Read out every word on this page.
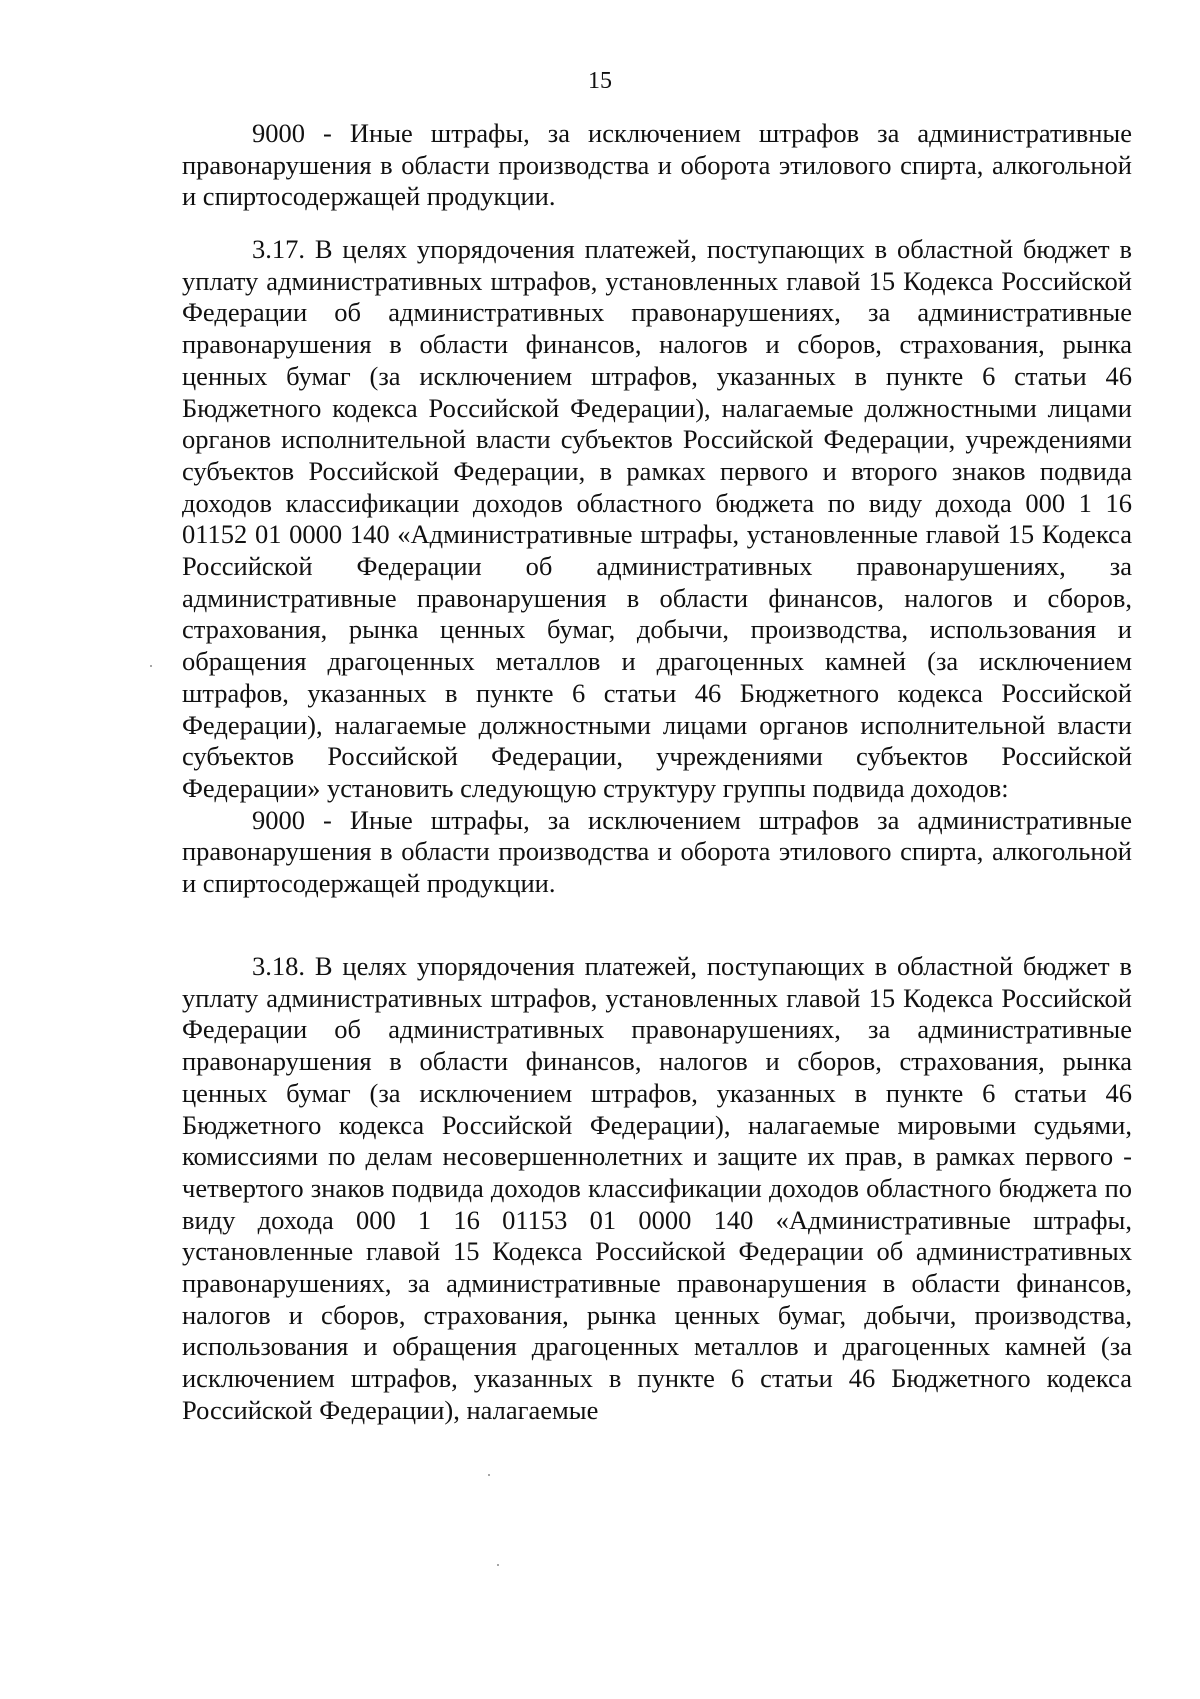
15

9000 - Иные штрафы, за исключением штрафов за административные правонарушения в области производства и оборота этилового спирта, алкогольной и спиртосодержащей продукции.

3.17. В целях упорядочения платежей, поступающих в областной бюджет в уплату административных штрафов, установленных главой 15 Кодекса Российской Федерации об административных правонарушениях, за административные правонарушения в области финансов, налогов и сборов, страхования, рынка ценных бумаг (за исключением штрафов, указанных в пункте 6 статьи 46 Бюджетного кодекса Российской Федерации), налагаемые должностными лицами органов исполнительной власти субъектов Российской Федерации, учреждениями субъектов Российской Федерации, в рамках первого и второго знаков подвида доходов классификации доходов областного бюджета по виду дохода 000 1 16 01152 01 0000 140 «Административные штрафы, установленные главой 15 Кодекса Российской Федерации об административных правонарушениях, за административные правонарушения в области финансов, налогов и сборов, страхования, рынка ценных бумаг, добычи, производства, использования и обращения драгоценных металлов и драгоценных камней (за исключением штрафов, указанных в пункте 6 статьи 46 Бюджетного кодекса Российской Федерации), налагаемые должностными лицами органов исполнительной власти субъектов Российской Федерации, учреждениями субъектов Российской Федерации» установить следующую структуру группы подвида доходов:

9000 - Иные штрафы, за исключением штрафов за административные правонарушения в области производства и оборота этилового спирта, алкогольной и спиртосодержащей продукции.

3.18. В целях упорядочения платежей, поступающих в областной бюджет в уплату административных штрафов, установленных главой 15 Кодекса Российской Федерации об административных правонарушениях, за административные правонарушения в области финансов, налогов и сборов, страхования, рынка ценных бумаг (за исключением штрафов, указанных в пункте 6 статьи 46 Бюджетного кодекса Российской Федерации), налагаемые мировыми судьями, комиссиями по делам несовершеннолетних и защите их прав, в рамках первого - четвертого знаков подвида доходов классификации доходов областного бюджета по виду дохода 000 1 16 01153 01 0000 140 «Административные штрафы, установленные главой 15 Кодекса Российской Федерации об административных правонарушениях, за административные правонарушения в области финансов, налогов и сборов, страхования, рынка ценных бумаг, добычи, производства, использования и обращения драгоценных металлов и драгоценных камней (за исключением штрафов, указанных в пункте 6 статьи 46 Бюджетного кодекса Российской Федерации), налагаемые
